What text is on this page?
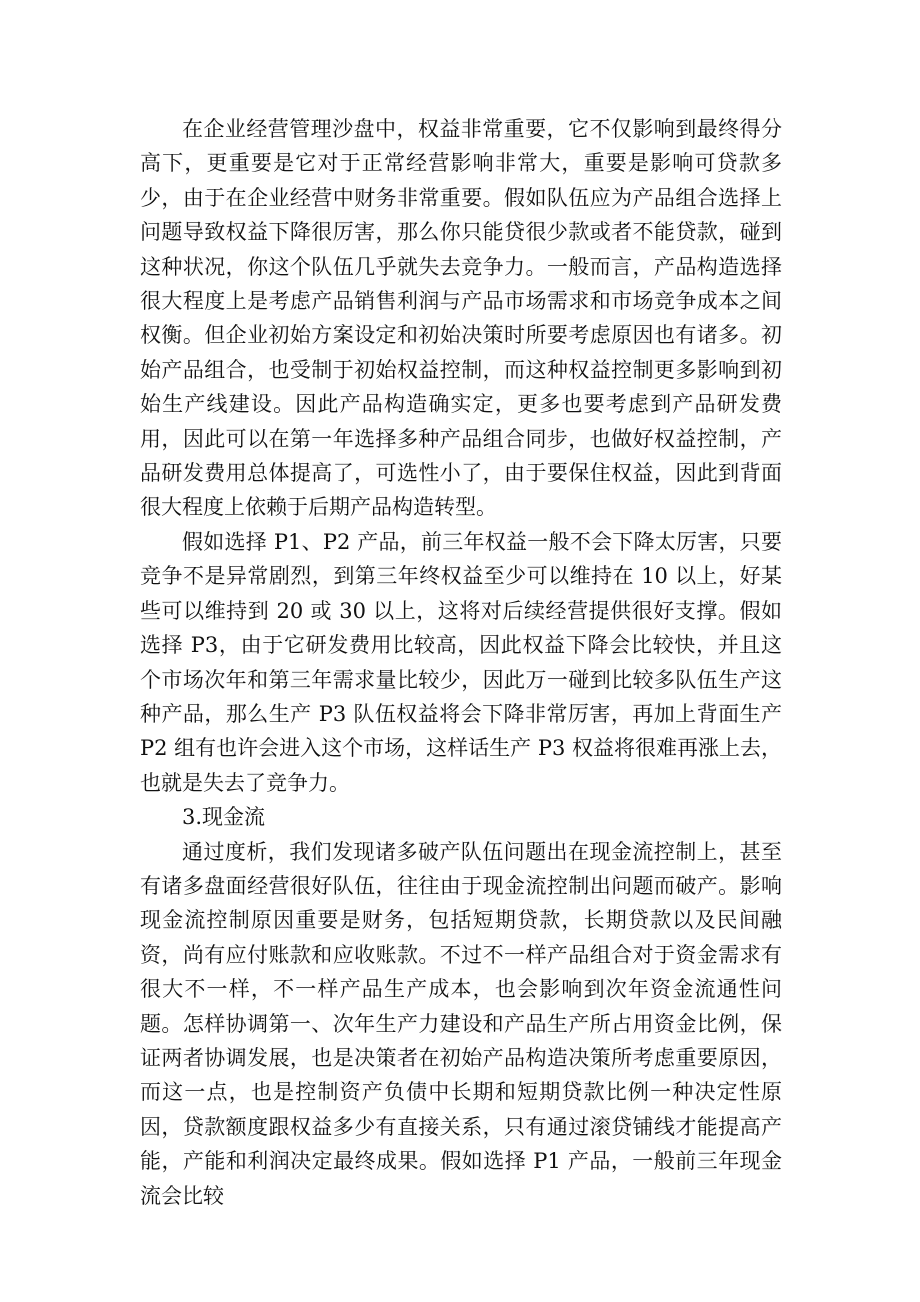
在企业经营管理沙盘中，权益非常重要，它不仅影响到最终得分高下，更重要是它对于正常经营影响非常大，重要是影响可贷款多少，由于在企业经营中财务非常重要。假如队伍应为产品组合选择上问题导致权益下降很厉害，那么你只能贷很少款或者不能贷款，碰到这种状况，你这个队伍几乎就失去竞争力。一般而言，产品构造选择很大程度上是考虑产品销售利润与产品市场需求和市场竞争成本之间权衡。但企业初始方案设定和初始决策时所要考虑原因也有诸多。初始产品组合，也受制于初始权益控制，而这种权益控制更多影响到初始生产线建设。因此产品构造确实定，更多也要考虑到产品研发费用，因此可以在第一年选择多种产品组合同步，也做好权益控制，产品研发费用总体提高了，可选性小了，由于要保住权益，因此到背面很大程度上依赖于后期产品构造转型。

假如选择 P1、P2 产品，前三年权益一般不会下降太厉害，只要竞争不是异常剧烈，到第三年终权益至少可以维持在 10 以上，好某些可以维持到 20 或 30 以上，这将对后续经营提供很好支撑。假如选择 P3，由于它研发费用比较高，因此权益下降会比较快，并且这个市场次年和第三年需求量比较少，因此万一碰到比较多队伍生产这种产品，那么生产 P3 队伍权益将会下降非常厉害，再加上背面生产 P2 组有也许会进入这个市场，这样话生产 P3 权益将很难再涨上去，也就是失去了竞争力。

3.现金流

通过度析，我们发现诸多破产队伍问题出在现金流控制上，甚至有诸多盘面经营很好队伍，往往由于现金流控制出问题而破产。影响现金流控制原因重要是财务，包括短期贷款，长期贷款以及民间融资，尚有应付账款和应收账款。不过不一样产品组合对于资金需求有很大不一样，不一样产品生产成本，也会影响到次年资金流通性问题。怎样协调第一、次年生产力建设和产品生产所占用资金比例，保证两者协调发展，也是决策者在初始产品构造决策所考虑重要原因，而这一点，也是控制资产负债中长期和短期贷款比例一种决定性原因，贷款额度跟权益多少有直接关系，只有通过滚贷铺线才能提高产能，产能和利润决定最终成果。假如选择 P1 产品，一般前三年现金流会比较
